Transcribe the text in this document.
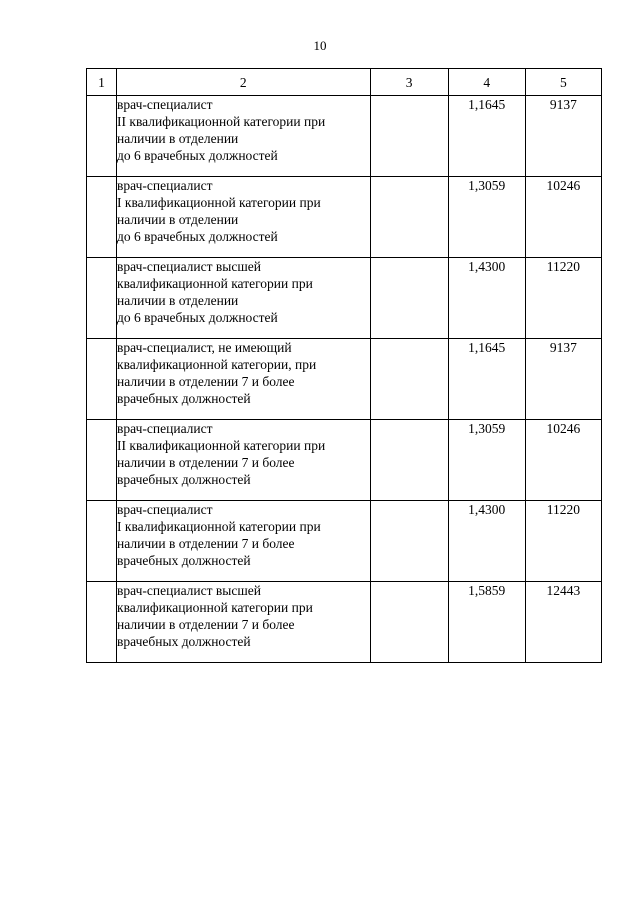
10
1	2	3	4	5

	врач-специалист
II квалификационной категории при
наличии в отделении
до 6 врачебных должностей		1,1645	9137

	врач-специалист
I квалификационной категории при
наличии в отделении
до 6 врачебных должностей		1,3059	10246

	врач-специалист высшей
квалификационной категории при
наличии в отделении
до 6 врачебных должностей		1,4300	11220

	врач-специалист, не имеющий
квалификационной категории, при
наличии в отделении 7 и более
врачебных должностей		1,1645	9137

	врач-специалист
II квалификационной категории при
наличии в отделении 7 и более
врачебных должностей		1,3059	10246

	врач-специалист
I квалификационной категории при
наличии в отделении 7 и более
врачебных должностей		1,4300	11220

	врач-специалист высшей
квалификационной категории при
наличии в отделении 7 и более
врачебных должностей		1,5859	12443
